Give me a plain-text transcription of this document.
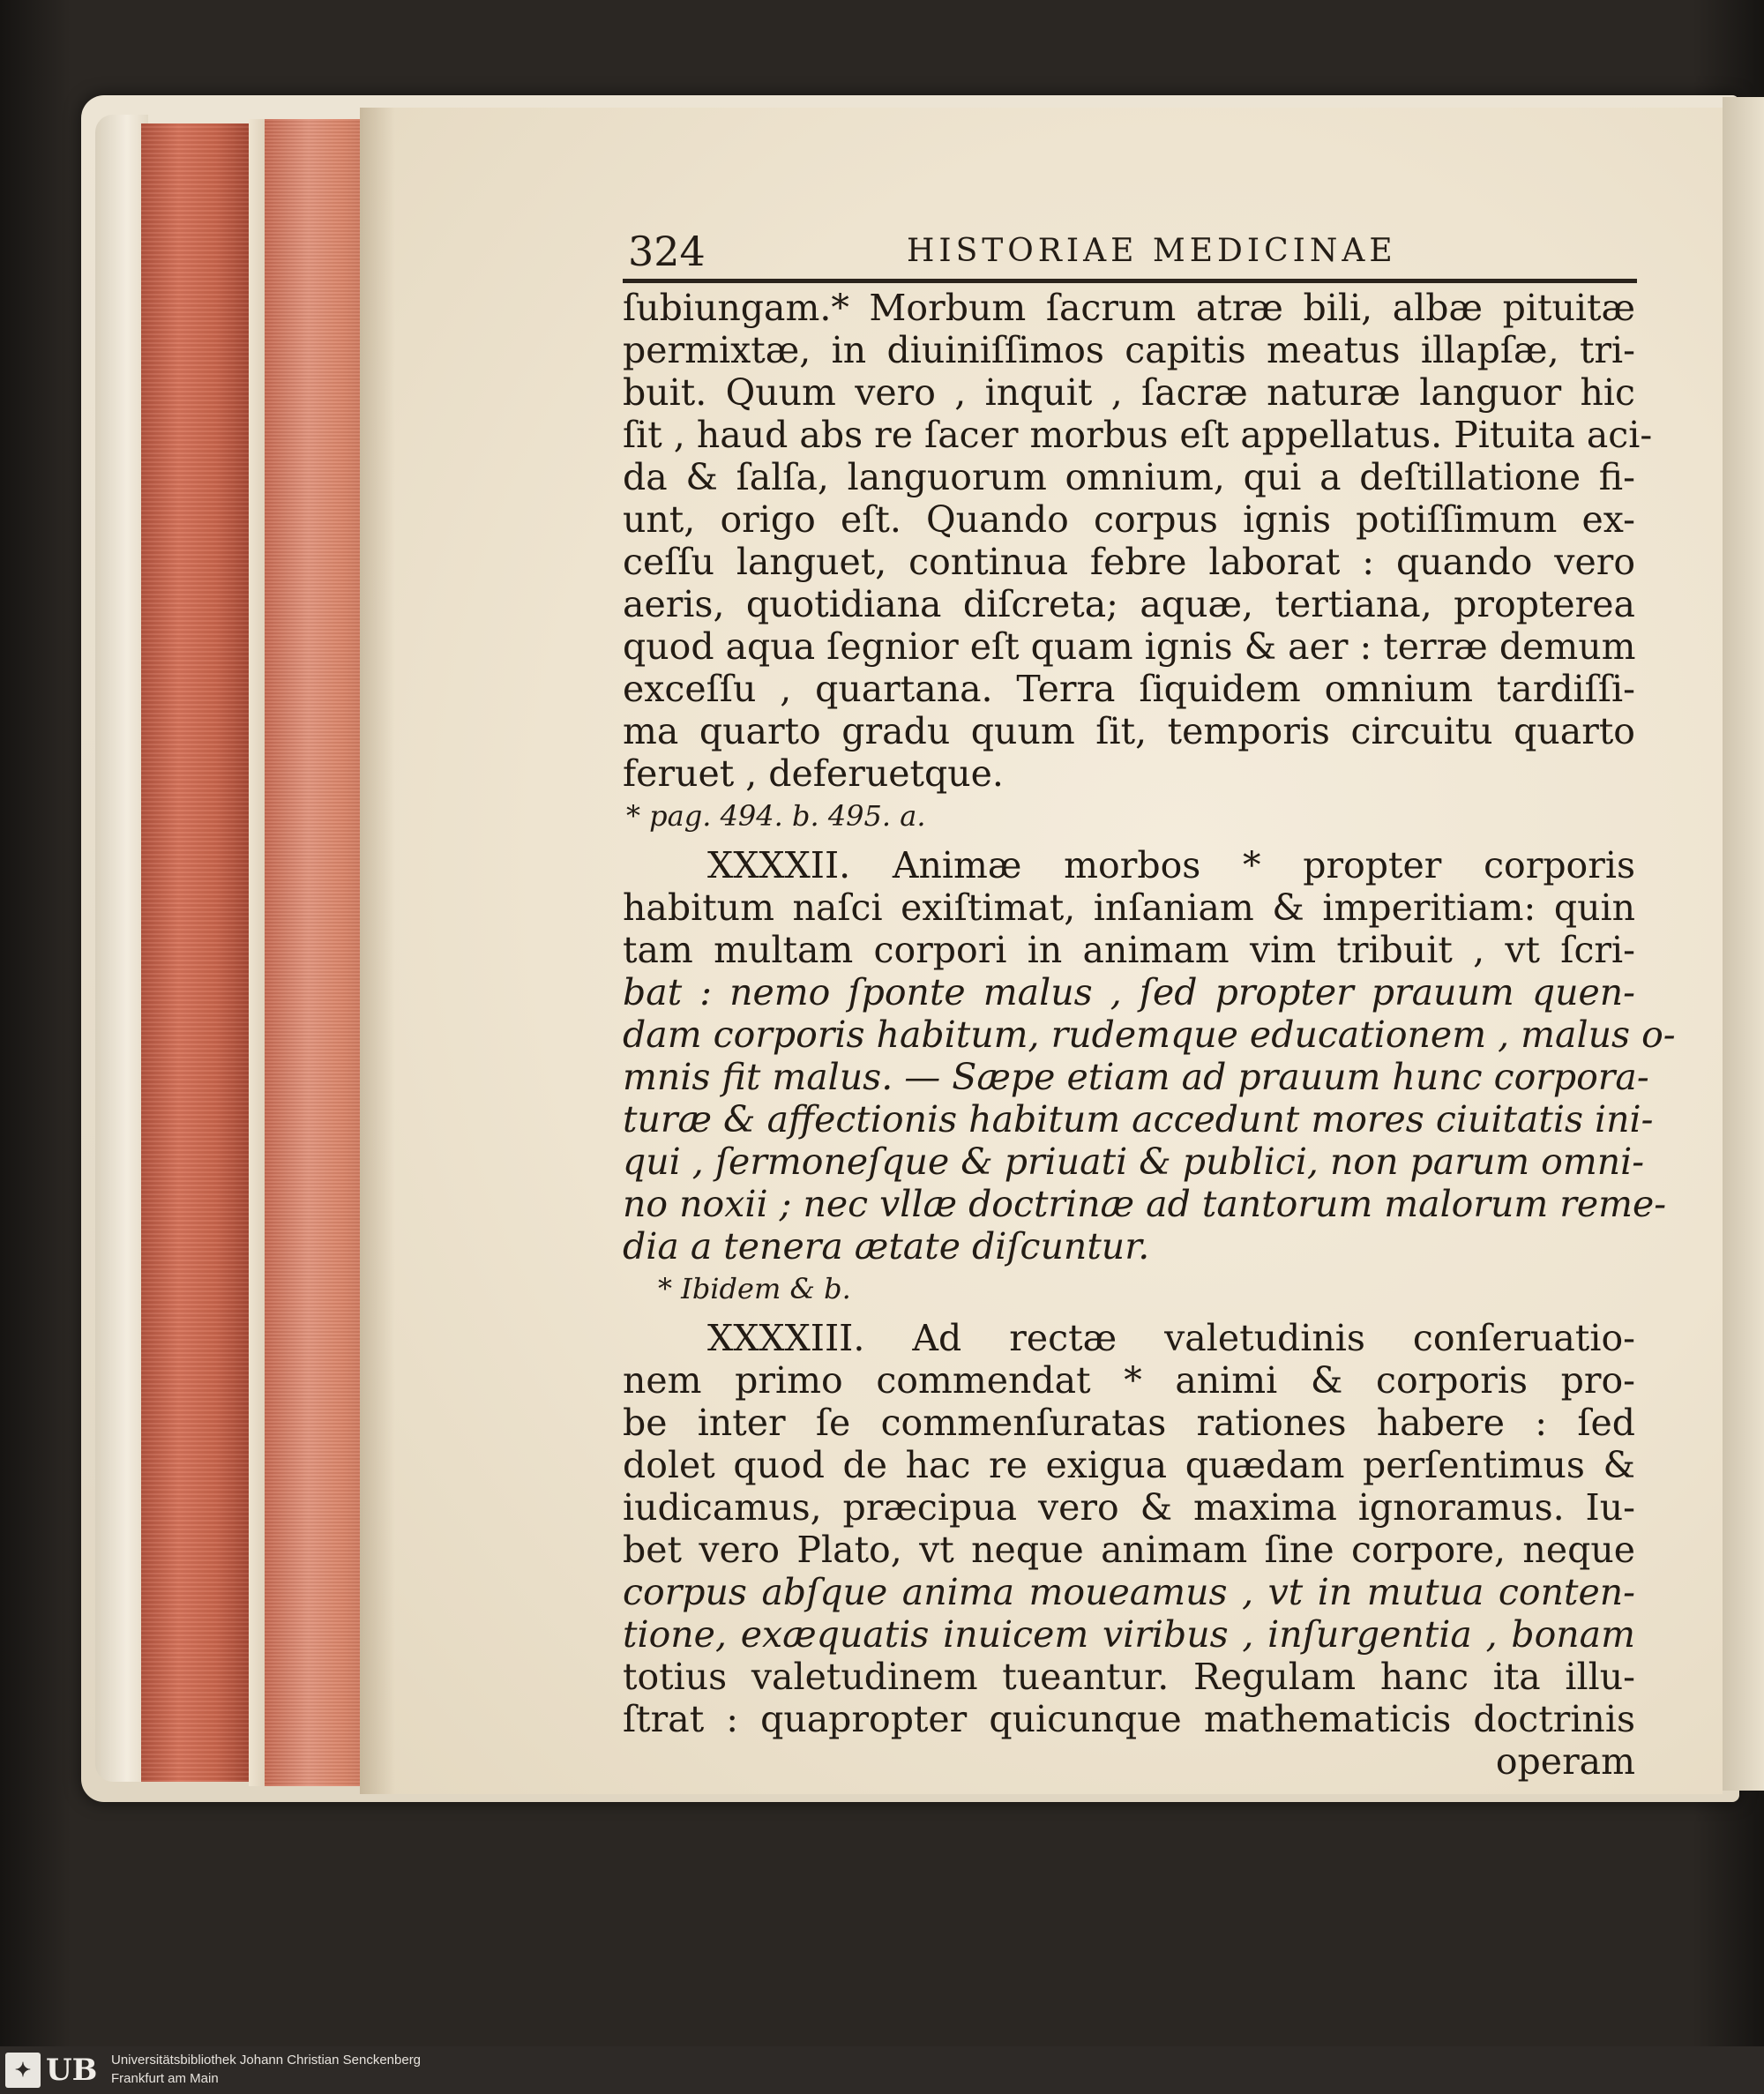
324	HISTORIAE MEDICINAE
ſubiungam.* Morbum ſacrum atræ bili, albæ pituitæ
permixtæ, in diuiniſſimos capitis meatus illapſæ, tri-
buit. Quum vero , inquit , ſacræ naturæ languor hic
ſit , haud abs re ſacer morbus eſt appellatus. Pituita aci-
da & ſalſa, languorum omnium, qui a deſtillatione fi-
unt, origo eſt. Quando corpus ignis potiſſimum ex-
ceſſu languet, continua febre laborat : quando vero
aeris, quotidiana diſcreta; aquæ, tertiana, propterea
quod aqua ſegnior eſt quam ignis & aer : terræ demum
exceſſu , quartana. Terra ſiquidem omnium tardiſſi-
ma quarto gradu quum ſit, temporis circuitu quarto
feruet , deferuetque.
* pag. 494. b. 495. a.
XXXXII. Animæ morbos * propter corporis
habitum naſci exiſtimat, inſaniam & imperitiam: quin
tam multam corpori in animam vim tribuit , vt ſcri-
bat : nemo ſponte malus , ſed propter prauum quen-
dam corporis habitum, rudemque educationem , malus o-
mnis fit malus. — Sæpe etiam ad prauum hunc corpora-
turæ & affectionis habitum accedunt mores ciuitatis ini-
qui , ſermoneſque & priuati & publici, non parum omni-
no noxii ; nec vllæ doctrinæ ad tantorum malorum reme-
dia a tenera ætate diſcuntur.
* Ibidem & b.
XXXXIII. Ad rectæ valetudinis conſeruatio-
nem primo commendat * animi & corporis pro-
be inter ſe commenſuratas rationes habere : ſed
dolet quod de hac re exigua quædam perſentimus &
iudicamus, præcipua vero & maxima ignoramus. Iu-
bet vero Plato, vt neque animam ſine corpore, neque
corpus abſque anima moueamus , vt in mutua conten-
tione, exæquatis inuicem viribus , inſurgentia , bonam
totius valetudinem tueantur. Regulam hanc ita illu-
ſtrat : quapropter quicunque mathematicis doctrinis
operam
✦ UB Universitätsbibliothek Johann Christian Senckenberg
Frankfurt am Main
